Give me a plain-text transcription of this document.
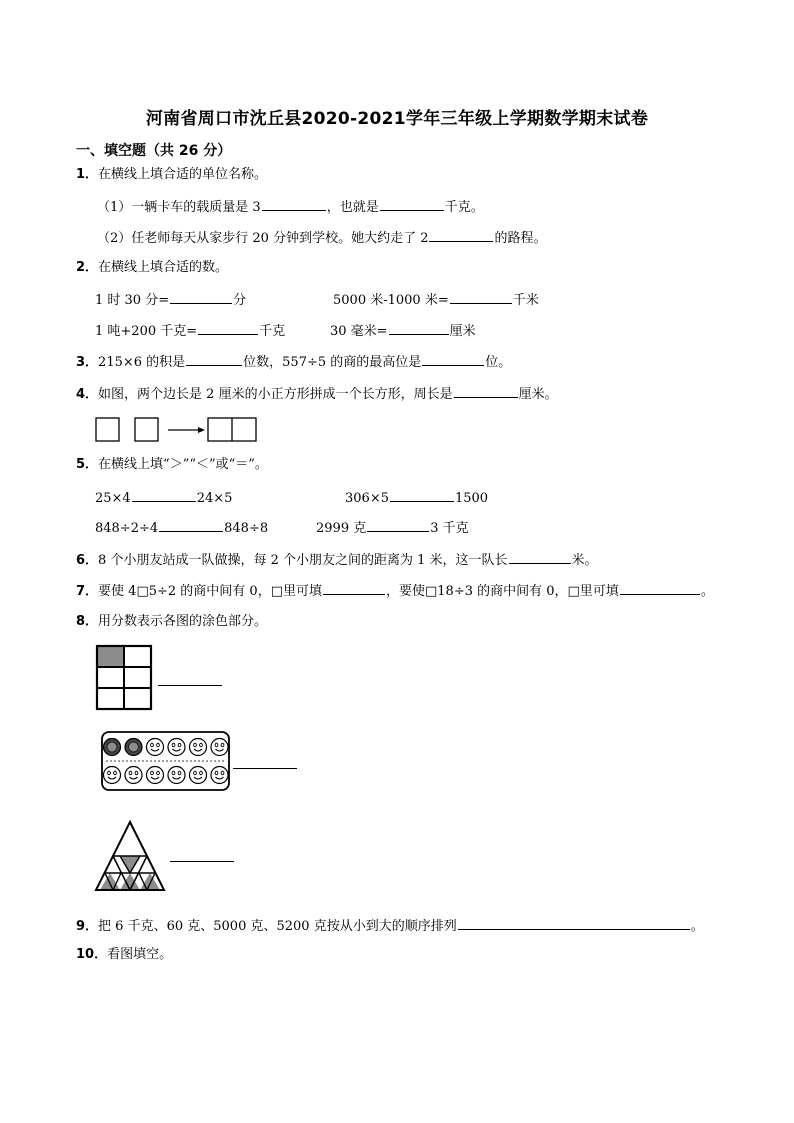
河南省周口市沈丘县2020-2021学年三年级上学期数学期末试卷
一、填空题（共 26 分）
1．在横线上填合适的单位名称。
（1）一辆卡车的载质量是 3	，也就是	千克。
（2）任老师每天从家步行 20 分钟到学校。她大约走了 2	的路程。
2．在横线上填合适的数。
1 时 30 分=	分	5000 米-1000 米=	千米
1 吨+200 千克=	千克	30 毫米=	厘米
3．215×6 的积是	位数，557÷5 的商的最高位是	位。
4．如图，两个边长是 2 厘米的小正方形拼成一个长方形，周长是	厘米。
5．在横线上填“＞”“＜”或“＝”。
25×4	24×5	306×5	1500
848÷2÷4	848÷8	2999 克	3 千克
6．8 个小朋友站成一队做操，每 2 个小朋友之间的距离为 1 米，这一队长	米。
7．要使 4□5÷2 的商中间有 0，□里可填	，要使□18÷3 的商中间有 0，□里可填	。
8．用分数表示各图的涂色部分。
9．把 6 千克、60 克、5000 克、5200 克按从小到大的顺序排列	。
10．看图填空。
